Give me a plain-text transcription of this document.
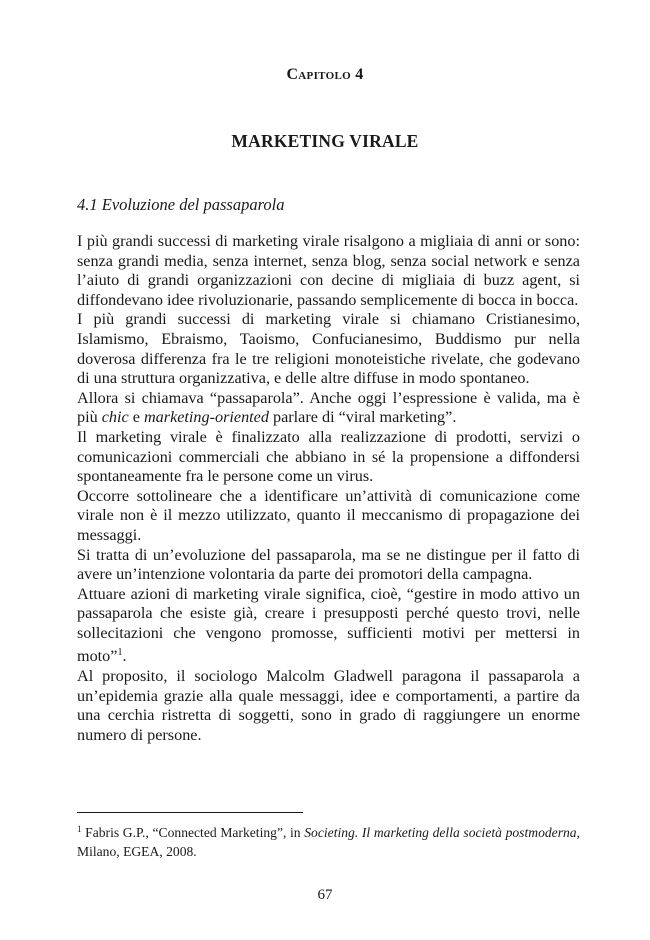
Capitolo 4
MARKETING VIRALE
4.1 Evoluzione del passaparola

I più grandi successi di marketing virale risalgono a migliaia di anni or sono: senza grandi media, senza internet, senza blog, senza social network e senza l’aiuto di grandi organizzazioni con decine di migliaia di buzz agent, si diffondevano idee rivoluzionarie, passando semplicemente di bocca in bocca.

I più grandi successi di marketing virale si chiamano Cristianesimo, Islamismo, Ebraismo, Taoismo, Confucianesimo, Buddismo pur nella doverosa differenza fra le tre religioni monoteistiche rivelate, che godevano di una struttura organizzativa, e delle altre diffuse in modo spontaneo.

Allora si chiamava “passaparola”. Anche oggi l’espressione è valida, ma è più chic e marketing-oriented parlare di “viral marketing”.

Il marketing virale è finalizzato alla realizzazione di prodotti, servizi o comunicazioni commerciali che abbiano in sé la propensione a diffondersi spontaneamente fra le persone come un virus.

Occorre sottolineare che a identificare un’attività di comunicazione come virale non è il mezzo utilizzato, quanto il meccanismo di propagazione dei messaggi.

Si tratta di un’evoluzione del passaparola, ma se ne distingue per il fatto di avere un’intenzione volontaria da parte dei promotori della campagna.

Attuare azioni di marketing virale significa, cioè, “gestire in modo attivo un passaparola che esiste già, creare i presupposti perché questo trovi, nelle sollecitazioni che vengono promosse, sufficienti motivi per mettersi in moto”$^1$.

Al proposito, il sociologo Malcolm Gladwell paragona il passaparola a un’epidemia grazie alla quale messaggi, idee e comportamenti, a partire da una cerchia ristretta di soggetti, sono in grado di raggiungere un enorme numero di persone.

$^1$ Fabris G.P., “Connected Marketing”, in Societing. Il marketing della società postmoderna, Milano, EGEA, 2008.
67
